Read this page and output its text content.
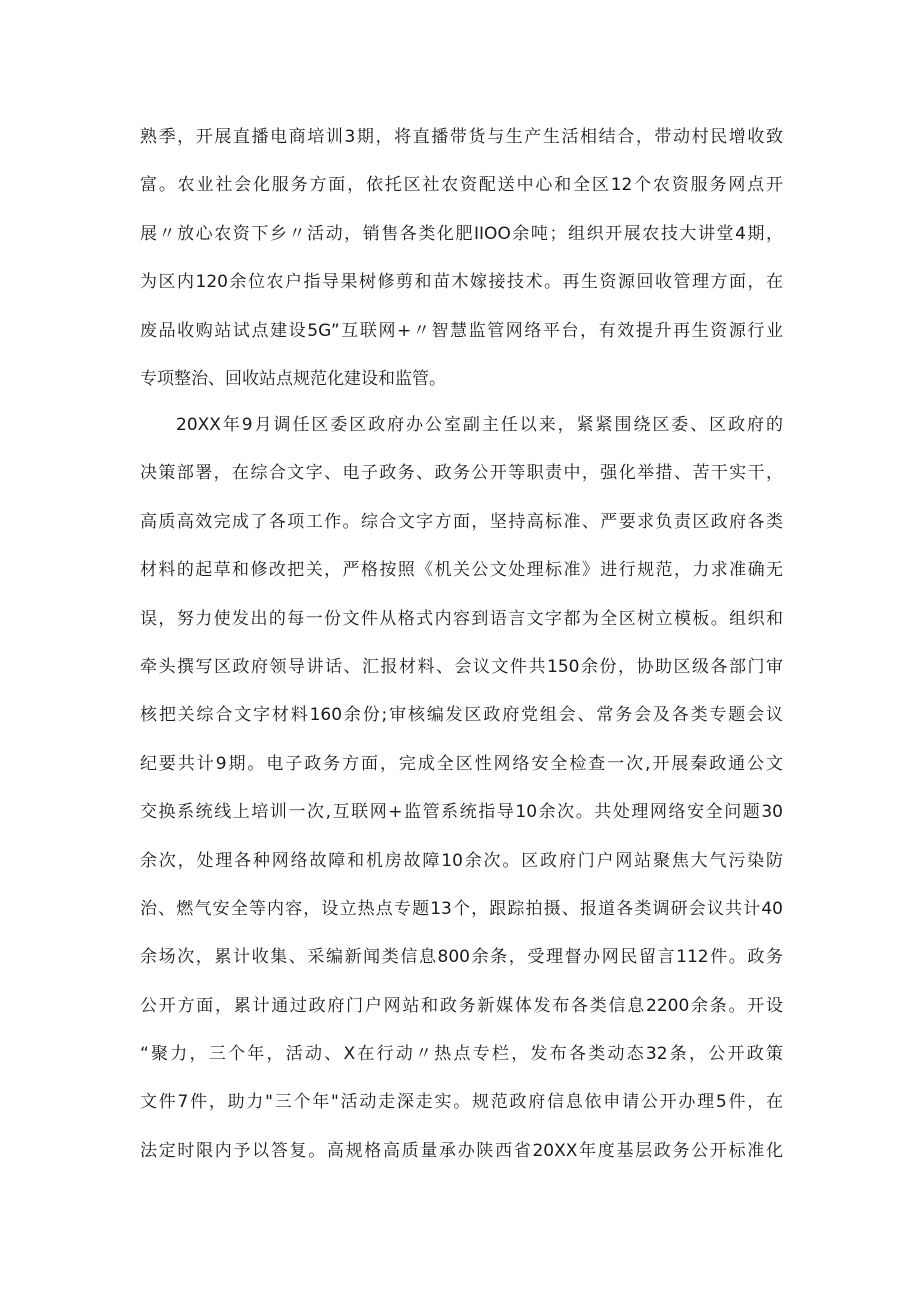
熟季，开展直播电商培训3期，将直播带货与生产生活相结合，带动村民增收致
富。农业社会化服务方面，依托区社农资配送中心和全区12个农资服务网点开
展〃放心农资下乡〃活动，销售各类化肥IIOO余吨；组织开展农技大讲堂4期，
为区内120余位农户指导果树修剪和苗木嫁接技术。再生资源回收管理方面，在
废品收购站试点建设5G”互联网+〃智慧监管网络平台，有效提升再生资源行业
专项整治、回收站点规范化建设和监管。
20XX年9月调任区委区政府办公室副主任以来，紧紧围绕区委、区政府的
决策部署，在综合文字、电子政务、政务公开等职责中，强化举措、苦干实干，
高质高效完成了各项工作。综合文字方面，坚持高标准、严要求负责区政府各类
材料的起草和修改把关，严格按照《机关公文处理标准》进行规范，力求准确无
误，努力使发出的每一份文件从格式内容到语言文字都为全区树立模板。组织和
牵头撰写区政府领导讲话、汇报材料、会议文件共150余份，协助区级各部门审
核把关综合文字材料160余份;审核编发区政府党组会、常务会及各类专题会议
纪要共计9期。电子政务方面，完成全区性网络安全检查一次,开展秦政通公文
交换系统线上培训一次,互联网+监管系统指导10余次。共处理网络安全问题30
余次，处理各种网络故障和机房故障10余次。区政府门户网站聚焦大气污染防
治、燃气安全等内容，设立热点专题13个，跟踪拍摄、报道各类调研会议共计40
余场次，累计收集、采编新闻类信息800余条，受理督办网民留言112件。政务
公开方面，累计通过政府门户网站和政务新媒体发布各类信息2200余条。开设
“聚力，三个年，活动、X在行动〃热点专栏，发布各类动态32条，公开政策
文件7件，助力"三个年"活动走深走实。规范政府信息依申请公开办理5件，在
法定时限内予以答复。高规格高质量承办陕西省20XX年度基层政务公开标准化
